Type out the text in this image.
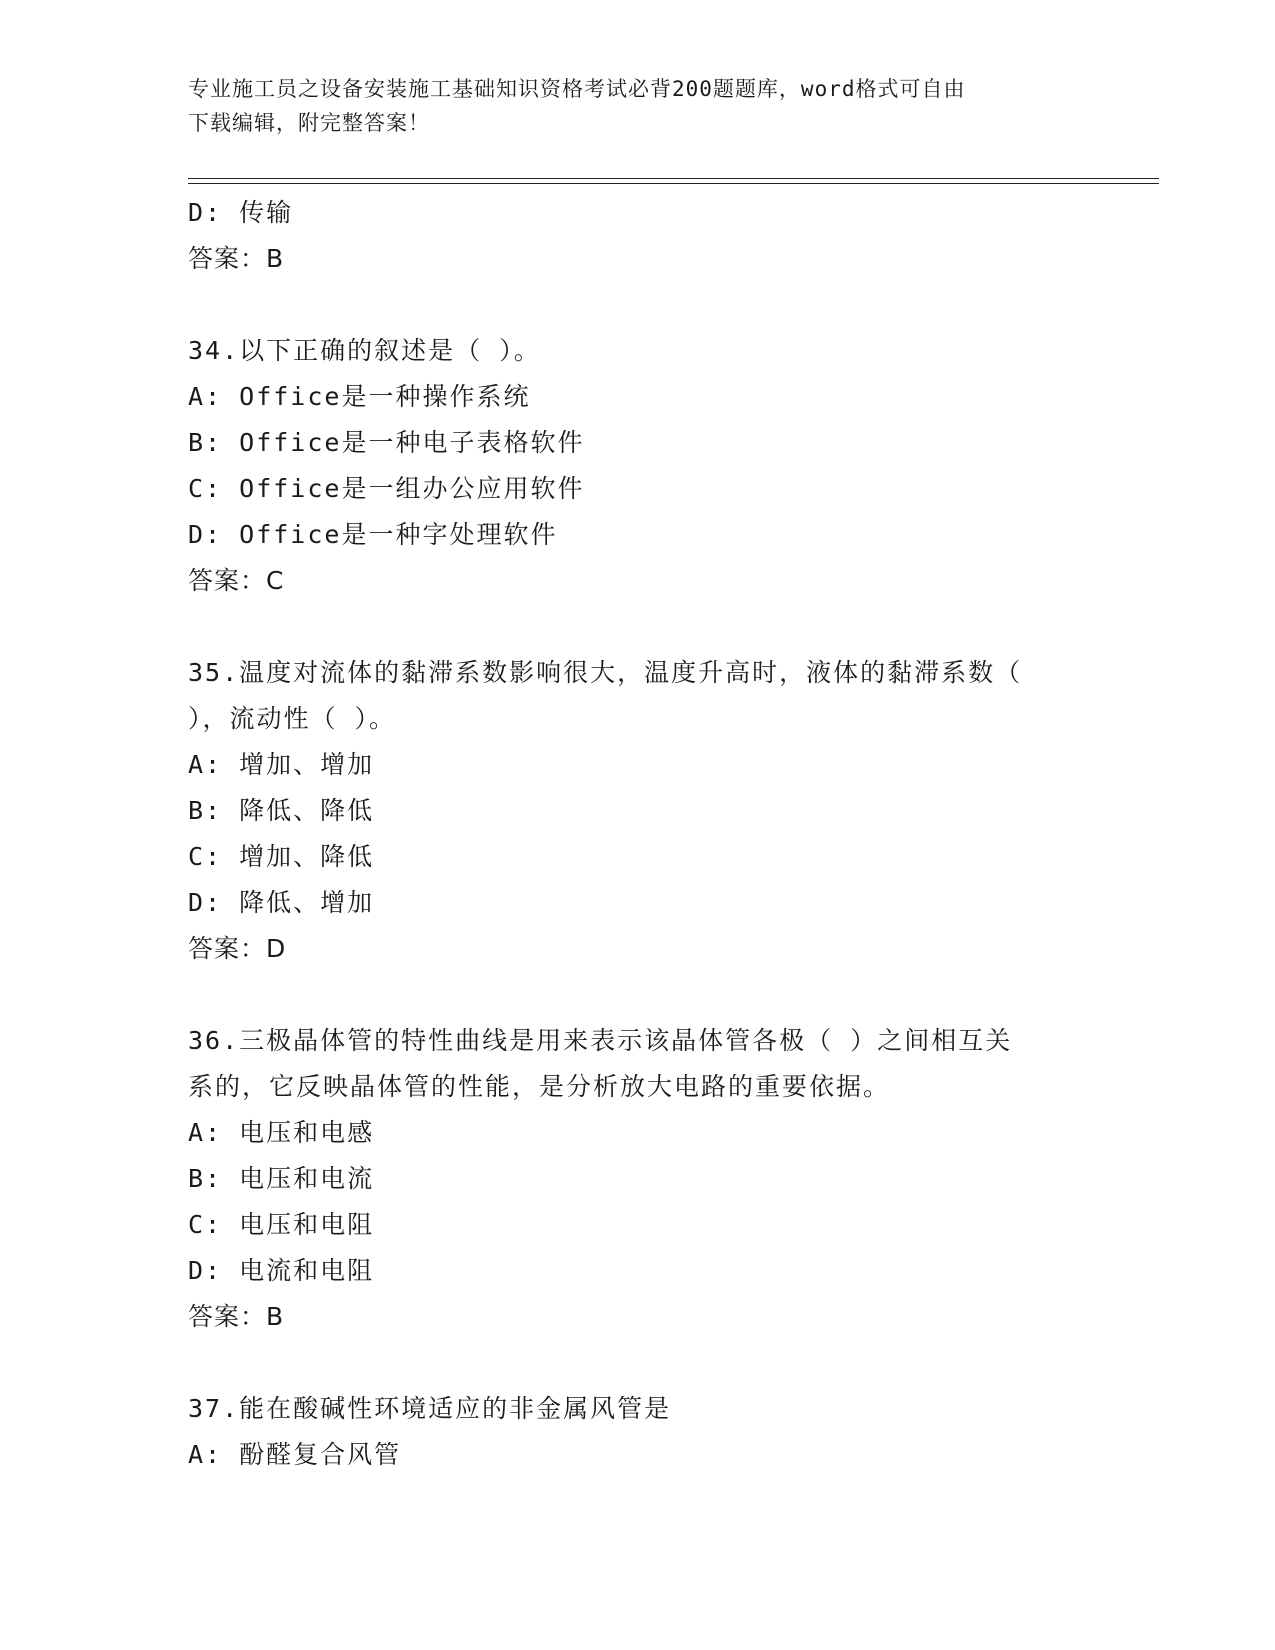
专业施工员之设备安装施工基础知识资格考试必背200题题库，word格式可自由
下载编辑，附完整答案！
D: 传输
答案：B
34.以下正确的叙述是（ ）。
A: Office是一种操作系统
B: Office是一种电子表格软件
C: Office是一组办公应用软件
D: Office是一种字处理软件
答案：C
35.温度对流体的黏滞系数影响很大，温度升高时，液体的黏滞系数（
），流动性（ ）。
A: 增加、增加
B: 降低、降低
C: 增加、降低
D: 降低、增加
答案：D
36.三极晶体管的特性曲线是用来表示该晶体管各极（ ）之间相互关
系的，它反映晶体管的性能，是分析放大电路的重要依据。
A: 电压和电感
B: 电压和电流
C: 电压和电阻
D: 电流和电阻
答案：B
37.能在酸碱性环境适应的非金属风管是
A: 酚醛复合风管
